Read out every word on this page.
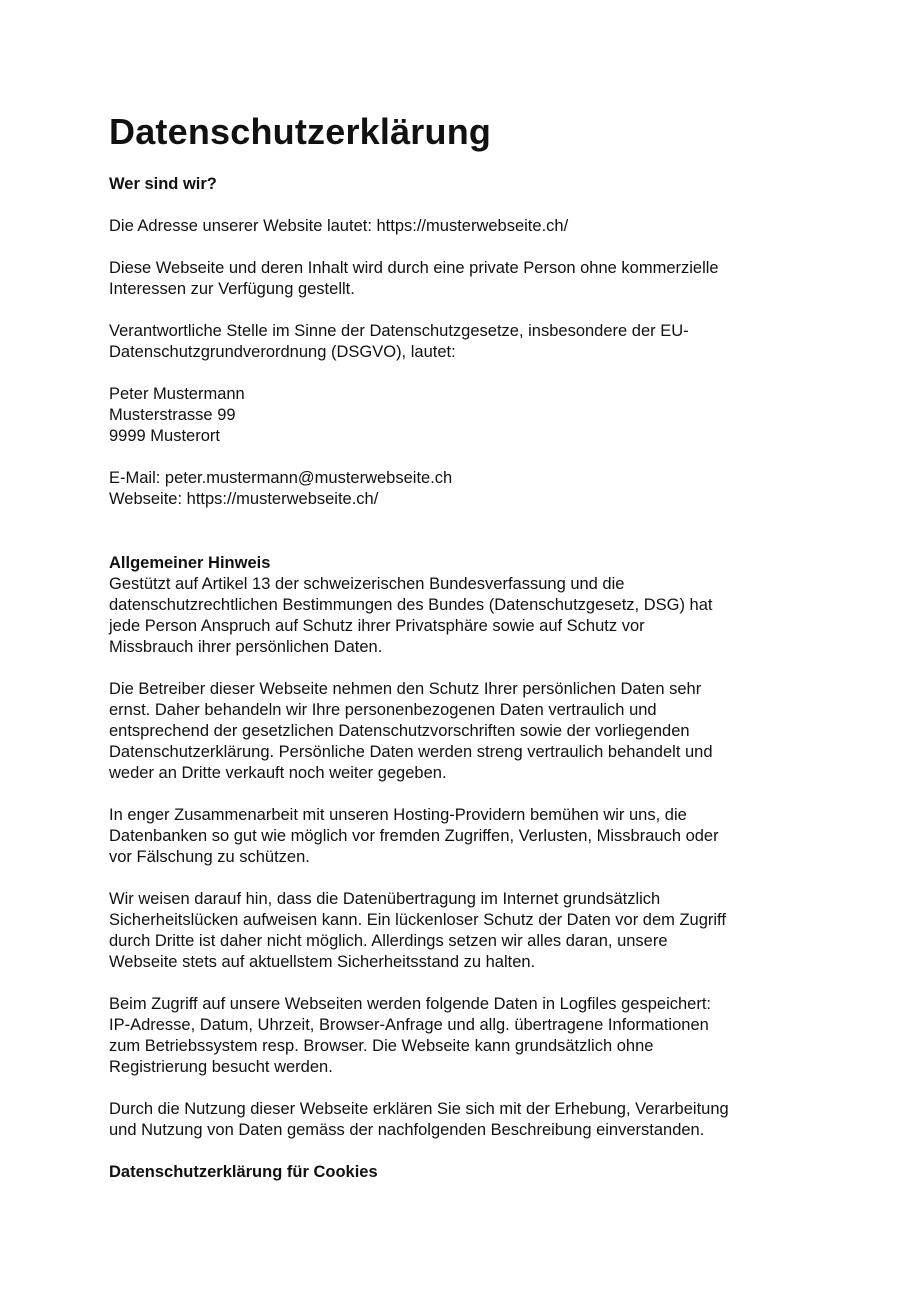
Datenschutzerklärung
Wer sind wir?

Die Adresse unserer Website lautet: https://musterwebseite.ch/

Diese Webseite und deren Inhalt wird durch eine private Person ohne kommerzielle
Interessen zur Verfügung gestellt.

Verantwortliche Stelle im Sinne der Datenschutzgesetze, insbesondere der EU-
Datenschutzgrundverordnung (DSGVO), lautet:

Peter Mustermann
Musterstrasse 99
9999 Musterort

E-Mail: peter.mustermann@musterwebseite.ch
Webseite: https://musterwebseite.ch/

Allgemeiner Hinweis

Gestützt auf Artikel 13 der schweizerischen Bundesverfassung und die
datenschutzrechtlichen Bestimmungen des Bundes (Datenschutzgesetz, DSG) hat
jede Person Anspruch auf Schutz ihrer Privatsphäre sowie auf Schutz vor
Missbrauch ihrer persönlichen Daten.

Die Betreiber dieser Webseite nehmen den Schutz Ihrer persönlichen Daten sehr
ernst. Daher behandeln wir Ihre personenbezogenen Daten vertraulich und
entsprechend der gesetzlichen Datenschutzvorschriften sowie der vorliegenden
Datenschutzerklärung. Persönliche Daten werden streng vertraulich behandelt und
weder an Dritte verkauft noch weiter gegeben.

In enger Zusammenarbeit mit unseren Hosting-Providern bemühen wir uns, die
Datenbanken so gut wie möglich vor fremden Zugriffen, Verlusten, Missbrauch oder
vor Fälschung zu schützen.

Wir weisen darauf hin, dass die Datenübertragung im Internet grundsätzlich
Sicherheitslücken aufweisen kann. Ein lückenloser Schutz der Daten vor dem Zugriff
durch Dritte ist daher nicht möglich. Allerdings setzen wir alles daran, unsere
Webseite stets auf aktuellstem Sicherheitsstand zu halten.

Beim Zugriff auf unsere Webseiten werden folgende Daten in Logfiles gespeichert:
IP-Adresse, Datum, Uhrzeit, Browser-Anfrage und allg. übertragene Informationen
zum Betriebssystem resp. Browser. Die Webseite kann grundsätzlich ohne
Registrierung besucht werden.

Durch die Nutzung dieser Webseite erklären Sie sich mit der Erhebung, Verarbeitung
und Nutzung von Daten gemäss der nachfolgenden Beschreibung einverstanden.

Datenschutzerklärung für Cookies
